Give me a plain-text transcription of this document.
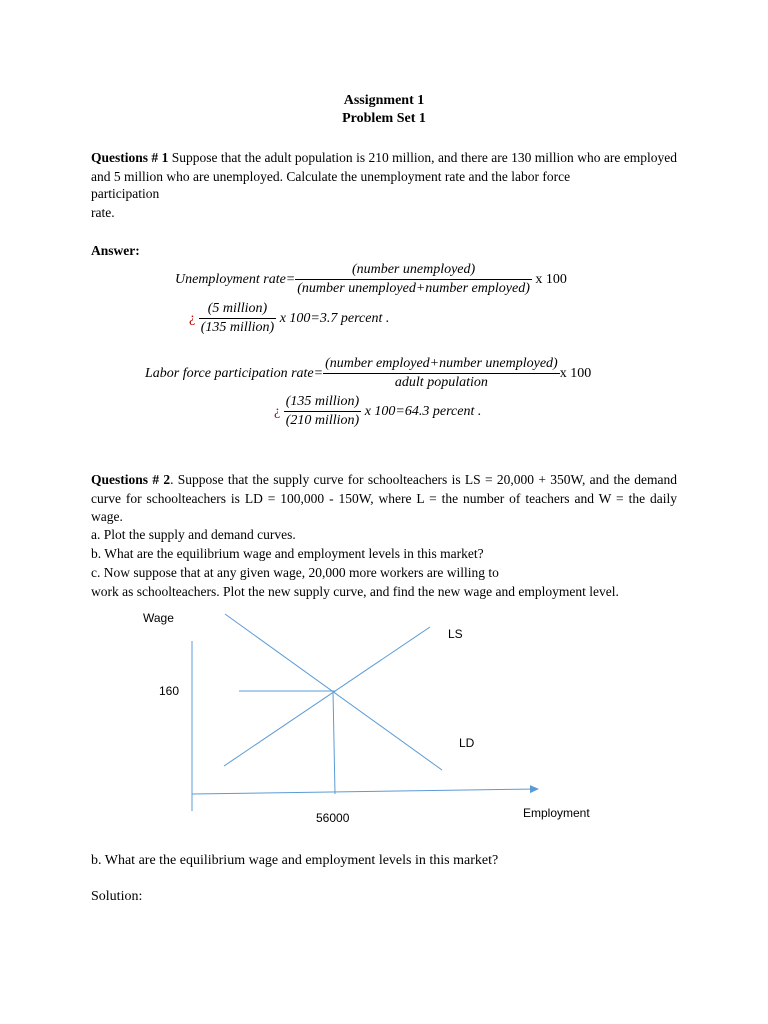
Assignment 1
Problem Set 1
Questions # 1 Suppose that the adult population is 210 million, and there are 130 million who are employed and 5 million who are unemployed. Calculate the unemployment rate and the labor force
participation
rate.
Answer:
Unemployment rate= $\frac{\text{(number unemployed)}}{\text{(number unemployed+number employed)}}$ x 100
¿ $\frac{\text{(5 million)}}{\text{(135 million)}}$ x 100=3.7 percent .
Labor force participation rate= $\frac{\text{(number employed+number unemployed)}}{\text{adult population}}$ x 100
¿ $\frac{\text{(135 million)}}{\text{(210 million)}}$ x 100=64.3 percent .
Questions # 2. Suppose that the supply curve for schoolteachers is LS = 20,000 + 350W, and the demand curve for schoolteachers is LD = 100,000 - 150W, where L = the number of teachers and W = the daily wage.
a. Plot the supply and demand curves.
b. What are the equilibrium wage and employment levels in this market?
c. Now suppose that at any given wage, 20,000 more workers are willing to
work as schoolteachers. Plot the new supply curve, and find the new wage and employment level.
Wage
LS
160
LD
Employment
56000
b. What are the equilibrium wage and employment levels in this market?
Solution:
